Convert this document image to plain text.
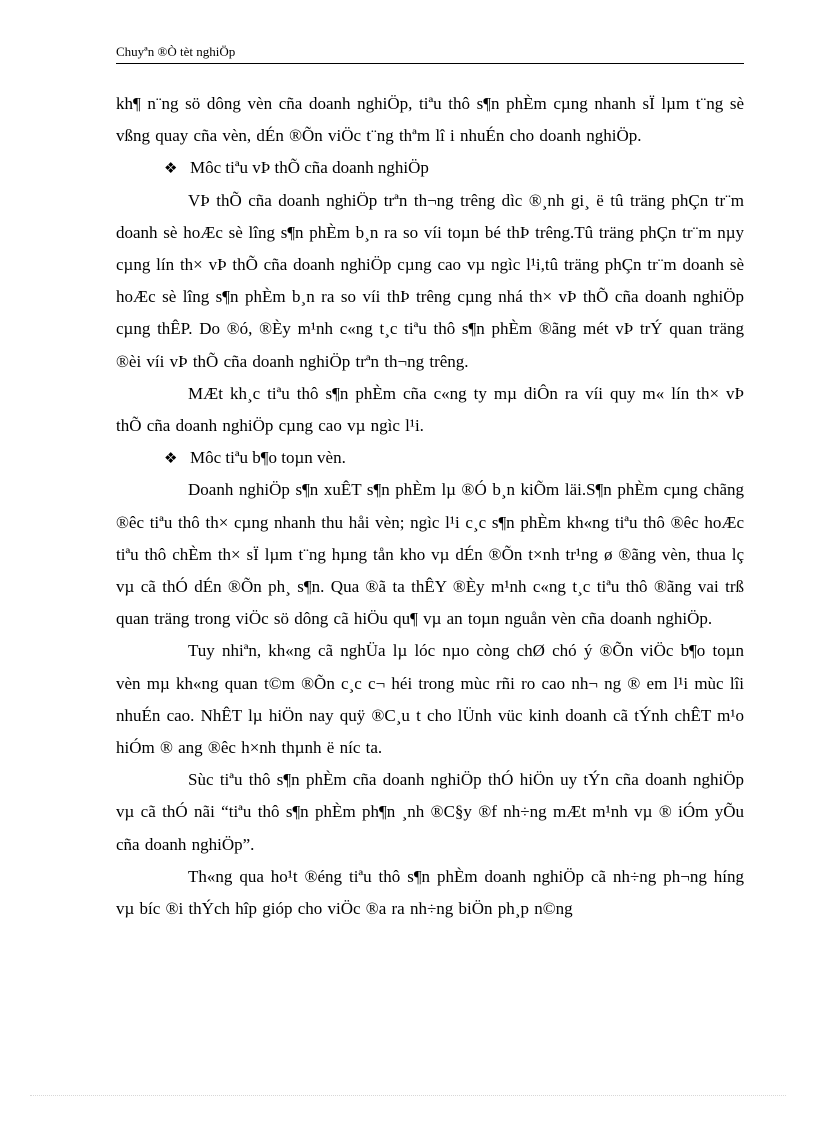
Chuyªn ®Ò tèt nghiÖp

kh¶ n¨ng sö dông vèn cña doanh nghiÖp, tiªu thô s¶n phÈm cµng nhanh sÏ lµm t¨ng sè vßng quay cña vèn, dÉn ®Õn viÖc t¨ng thªm lî i nhuÉn cho doanh nghiÖp.

❖ Môc tiªu vÞ thÕ cña doanh nghiÖp

VÞ thÕ cña doanh nghiÖp trªn th¬ng trêng dìc ®¸nh gi¸ ë tû träng phÇn tr¨m doanh sè hoÆc sè lîng s¶n phÈm b¸n ra so víi toµn bé thÞ trêng.Tû träng phÇn tr¨m nµy cµng lín th× vÞ thÕ cña doanh nghiÖp cµng cao vµ ngìc l¹i,tû träng phÇn tr¨m doanh sè hoÆc sè lîng s¶n phÈm b¸n ra so víi thÞ trêng cµng nhá th× vÞ thÕ cña doanh nghiÖp cµng thÊP. Do ®ó, ®Èy m¹nh c«ng t¸c tiªu thô s¶n phÈm ®ãng mét vÞ trÝ quan träng ®èi víi vÞ thÕ cña doanh nghiÖp trªn th¬ng trêng.

MÆt kh¸c tiªu thô s¶n phÈm cña c«ng ty mµ diÔn ra víi quy m« lín th× vÞ thÕ cña doanh nghiÖp cµng cao vµ ngìc l¹i.

❖ Môc tiªu b¶o toµn vèn.

Doanh nghiÖp s¶n xuÊT s¶n phÈm lµ ®Ó b¸n kiÕm läi.S¶n phÈm cµng chãng ®êc tiªu thô th× cµng nhanh thu håi vèn; ngìc l¹i c¸c s¶n phÈm kh«ng tiªu thô ®êc hoÆc tiªu thô chÈm th× sÏ lµm t¨ng hµng tån kho vµ dÉn ®Õn t×nh tr¹ng ø ®ãng vèn, thua lç vµ cã thÓ dÉn ®Õn ph¸ s¶n. Qua ®ã ta thÊY ®Èy m¹nh c«ng t¸c tiªu thô ®ãng vai trß quan träng trong viÖc sö dông cã hiÖu qu¶ vµ an toµn nguån vèn cña doanh nghiÖp.

Tuy nhiªn, kh«ng cã nghÜa lµ lóc nµo còng chØ chó ý ®Õn viÖc b¶o toµn vèn mµ kh«ng quan t©m ®Õn c¸c c¬ héi trong mùc rñi ro cao nh¬ ng ® em l¹i mùc lîi nhuÉn cao. NhÊT lµ hiÖn nay quÿ ®C¸u t cho lÜnh vüc kinh doanh cã tÝnh chÊT m¹o hiÓm ® ang ®êc h×nh thµnh ë níc ta.

Sùc tiªu thô s¶n phÈm cña doanh nghiÖp thÓ hiÖn uy tÝn cña doanh nghiÖp vµ cã thÓ nãi “tiªu thô s¶n phÈm ph¶n ¸nh ®C§y ®f nh÷ng mÆt m¹nh vµ ® iÓm yÕu cña doanh nghiÖp”.

Th«ng qua ho¹t ®éng tiªu thô s¶n phÈm doanh nghiÖp cã nh÷ng ph¬ng híng vµ bíc ®i thÝch hîp gióp cho viÖc ®a ra nh÷ng biÖn ph¸p n©ng
